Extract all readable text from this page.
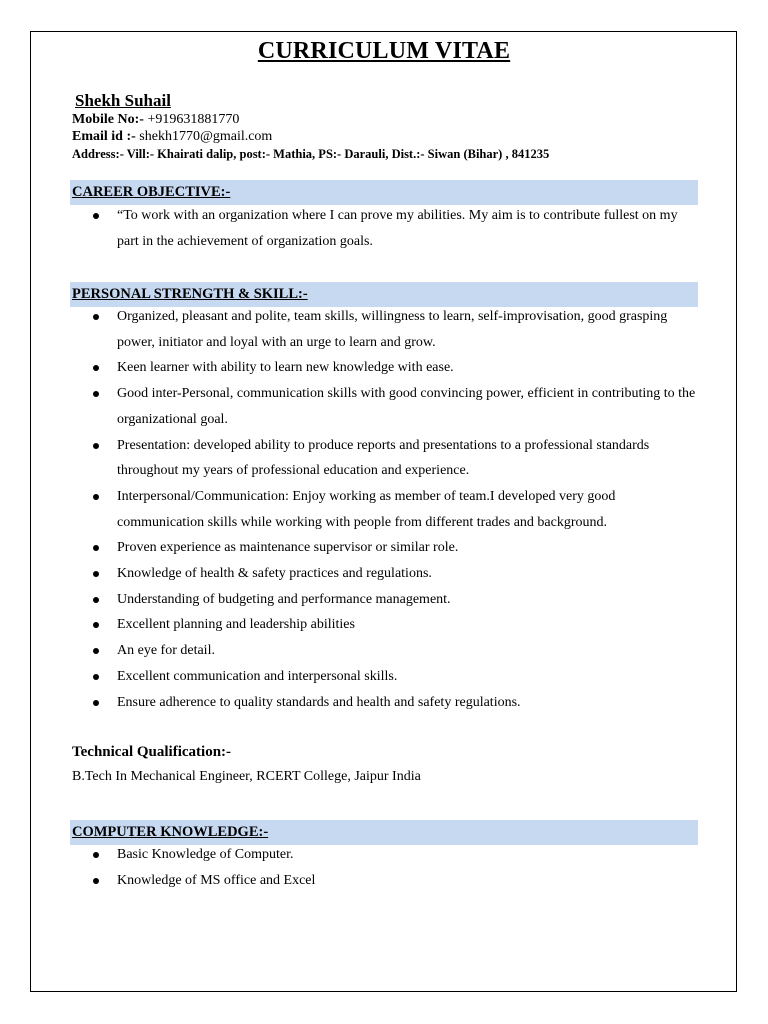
CURRICULUM VITAE
Shekh Suhail
Mobile No:- +919631881770
Email id :- shekh1770@gmail.com
Address:- Vill:- Khairati dalip, post:- Mathia, PS:- Darauli, Dist.:- Siwan (Bihar) , 841235
CAREER OBJECTIVE:-
“To work with an organization where I can prove my abilities. My aim is to contribute fullest on my part in the achievement of organization goals.
PERSONAL STRENGTH & SKILL:-
Organized, pleasant and polite, team skills, willingness to learn, self-improvisation, good grasping power, initiator and loyal with an urge to learn and grow.
Keen learner with ability to learn new knowledge with ease.
Good inter-Personal, communication skills with good convincing power, efficient in contributing to the organizational goal.
Presentation: developed ability to produce reports and presentations to a professional standards throughout my years of professional education and experience.
Interpersonal/Communication: Enjoy working as member of team.I developed very good communication skills while working with people from different trades and background.
Proven experience as maintenance supervisor or similar role.
Knowledge of health & safety practices and regulations.
Understanding of budgeting and performance management.
Excellent planning and leadership abilities
An eye for detail.
Excellent communication and interpersonal skills.
Ensure adherence to quality standards and health and safety regulations.
Technical Qualification:-
B.Tech In Mechanical Engineer, RCERT College, Jaipur India
COMPUTER KNOWLEDGE:-
Basic Knowledge of Computer.
Knowledge of MS office and Excel
